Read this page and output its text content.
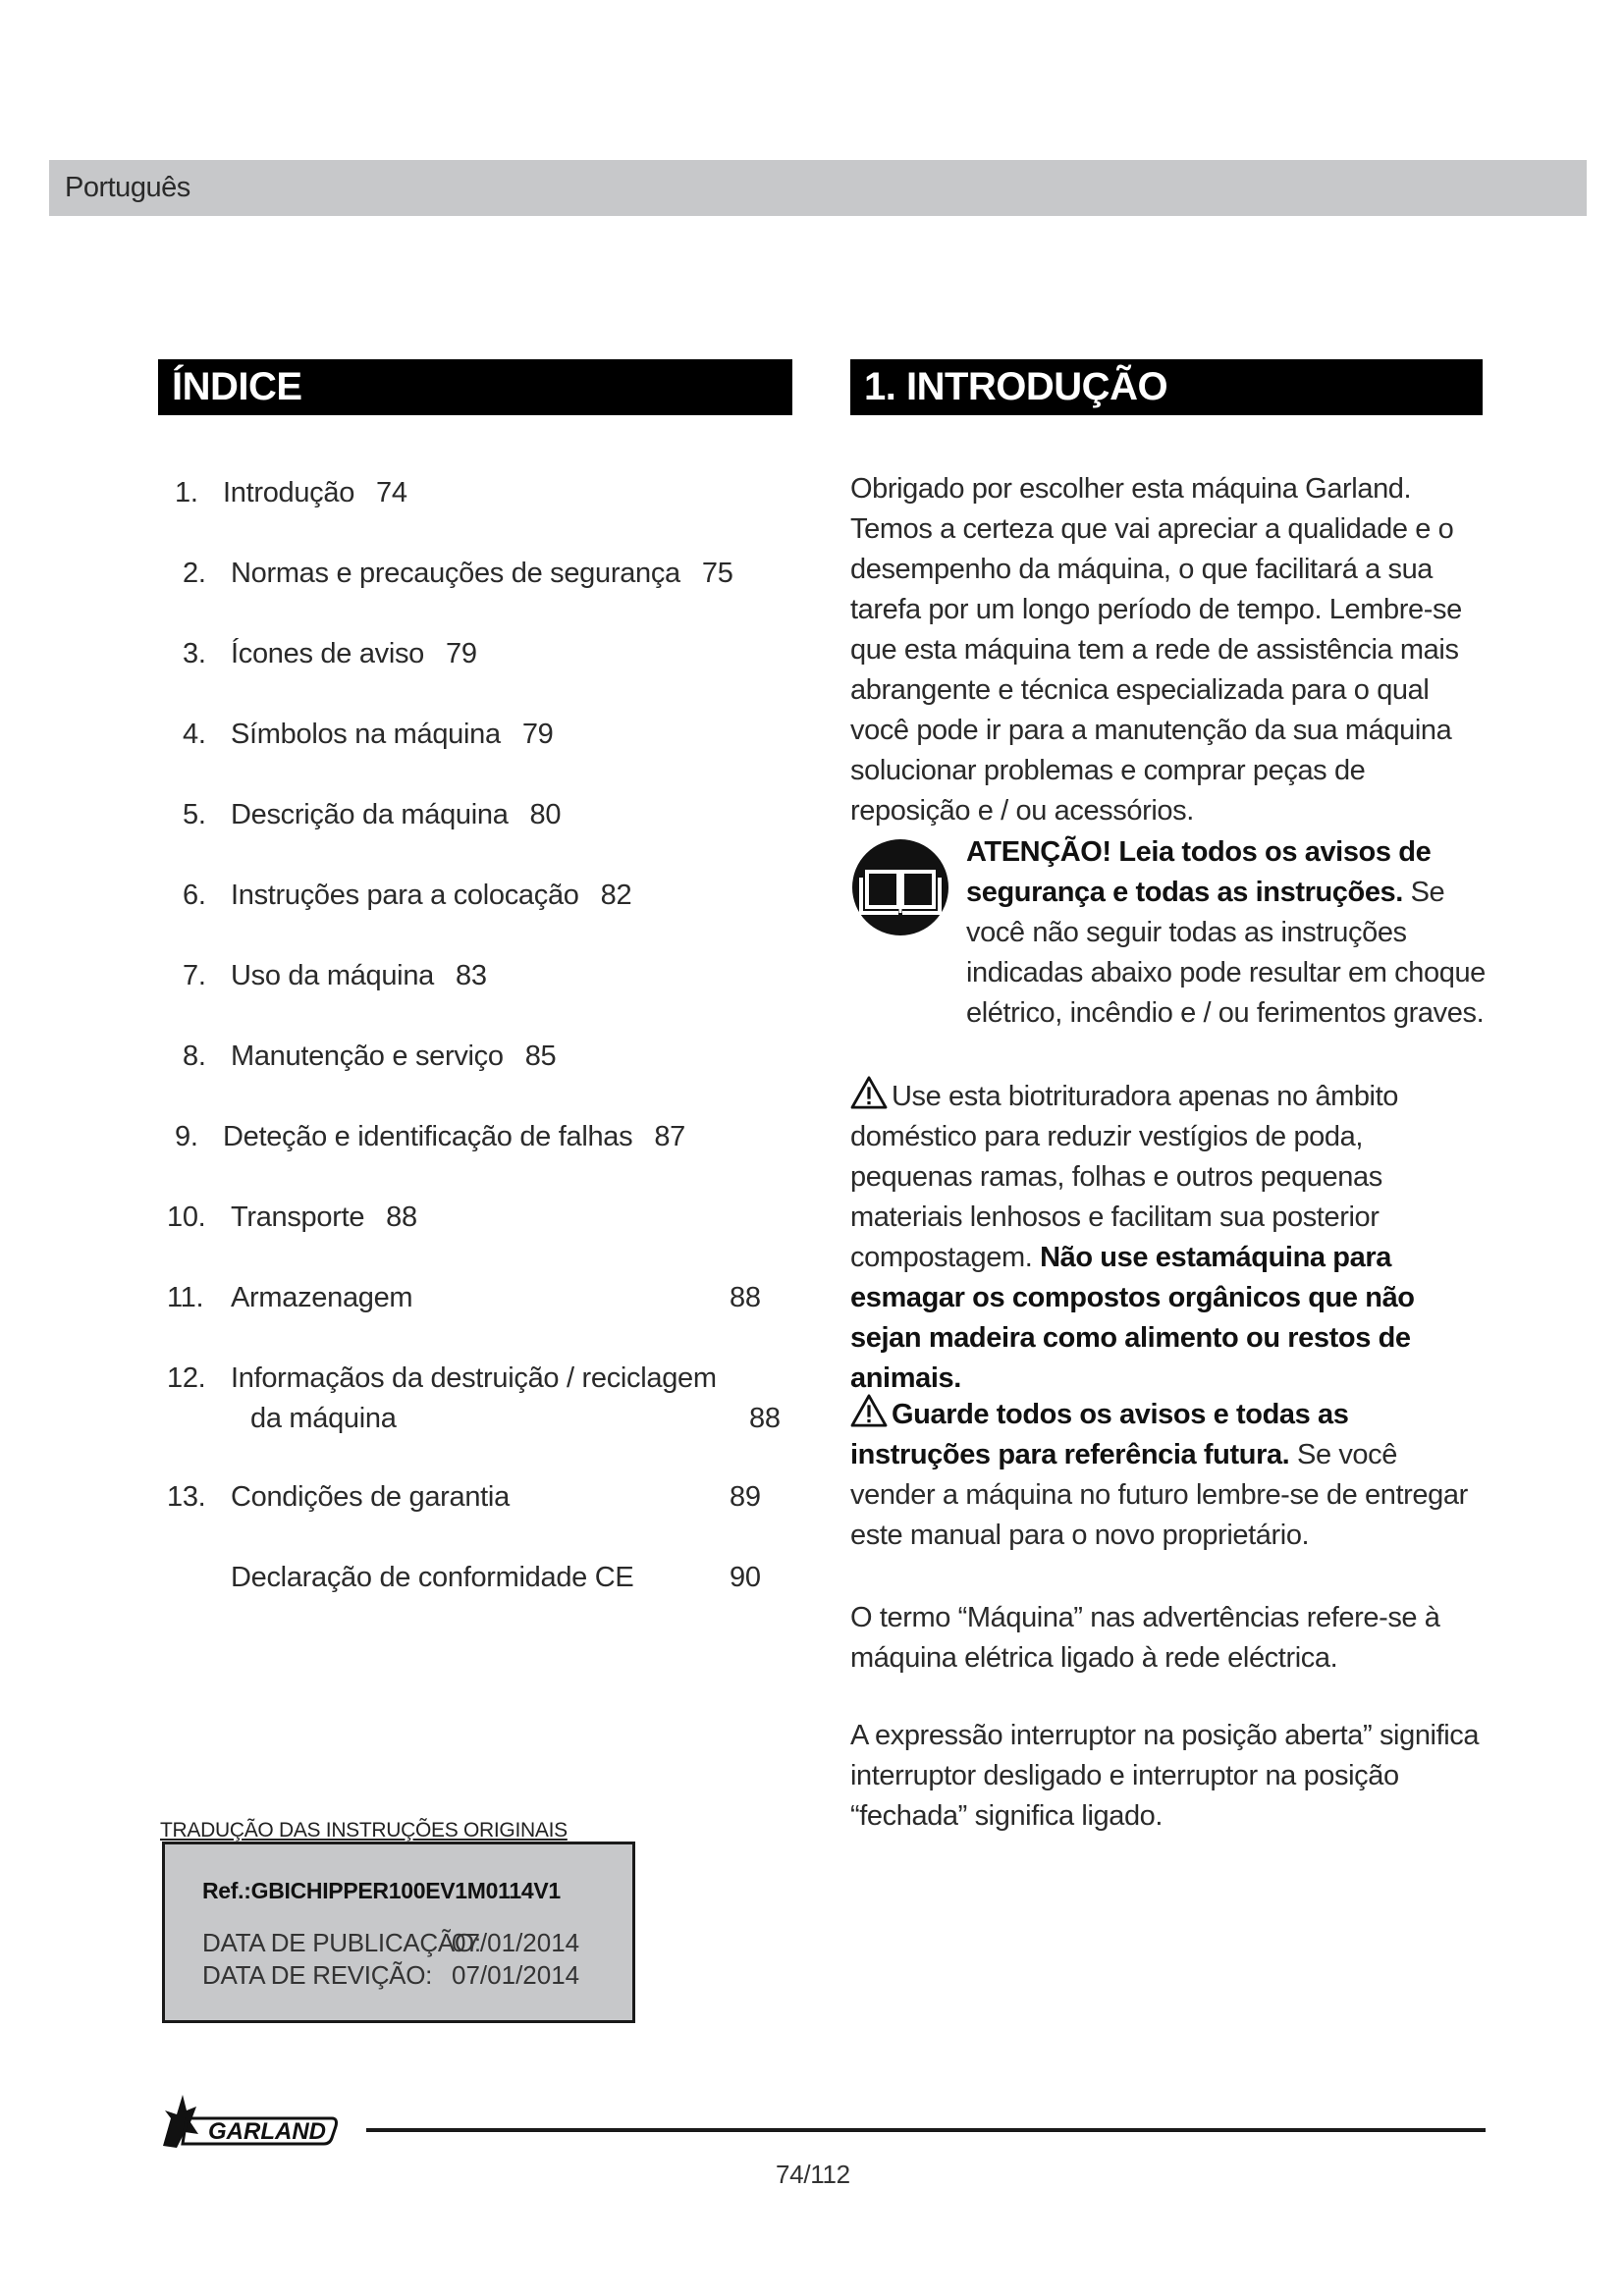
Português
ÍNDICE	1. INTRODUÇÃO
1. Introdução 74
2. Normas e precauções de segurança 75
3. Ícones de aviso 79
4. Símbolos na máquina 79
5. Descrição da máquina 80
6. Instruções para a colocação 82
7. Uso da máquina 83
8. Manutenção e serviço 85
9. Deteção e identificação de falhas 87
10. Transporte 88
11. Armazenagem	88
12. Informaçãos da destruição / reciclagem
da máquina	88
13. Condições de garantia	89
Declaração de conformidade CE	90
Obrigado por escolher esta máquina Garland. Temos a certeza que vai apreciar a qualidade e o desempenho da máquina, o que facilitará a sua tarefa por um longo período de tempo. Lembre-se que esta máquina tem a rede de assistência mais abrangente e técnica especializada para o qual você pode ir para a manutenção da sua máquina solucionar problemas e comprar peças de reposição e / ou acessórios.
ATENÇÃO! Leia todos os avisos de segurança e todas as instruções. Se você não seguir todas as instruções indicadas abaixo pode resultar em choque elétrico, incêndio e / ou ferimentos graves.
Use esta biotrituradora apenas no âmbito doméstico para reduzir vestígios de poda, pequenas ramas, folhas e outros pequenas materiais lenhosos e facilitam sua posterior compostagem. Não use estamáquina para esmagar os compostos orgânicos que não sejan madeira como alimento ou restos de animais.
Guarde todos os avisos e todas as instruções para referência futura. Se você vender a máquina no futuro lembre-se de entregar este manual para o novo proprietário.
O termo “Máquina” nas advertências refere-se à máquina elétrica ligado à rede eléctrica.
A expressão interruptor na posição aberta” significa interruptor desligado e interruptor na posição “fechada” significa ligado.
TRADUÇÃO DAS INSTRUÇÕES ORIGINAIS
Ref.:GBICHIPPER100EV1M0114V1
DATA DE PUBLICAÇÃO:
07/01/2014
DATA DE REVIÇÃO: 07/01/2014
GARLAND
74/112
